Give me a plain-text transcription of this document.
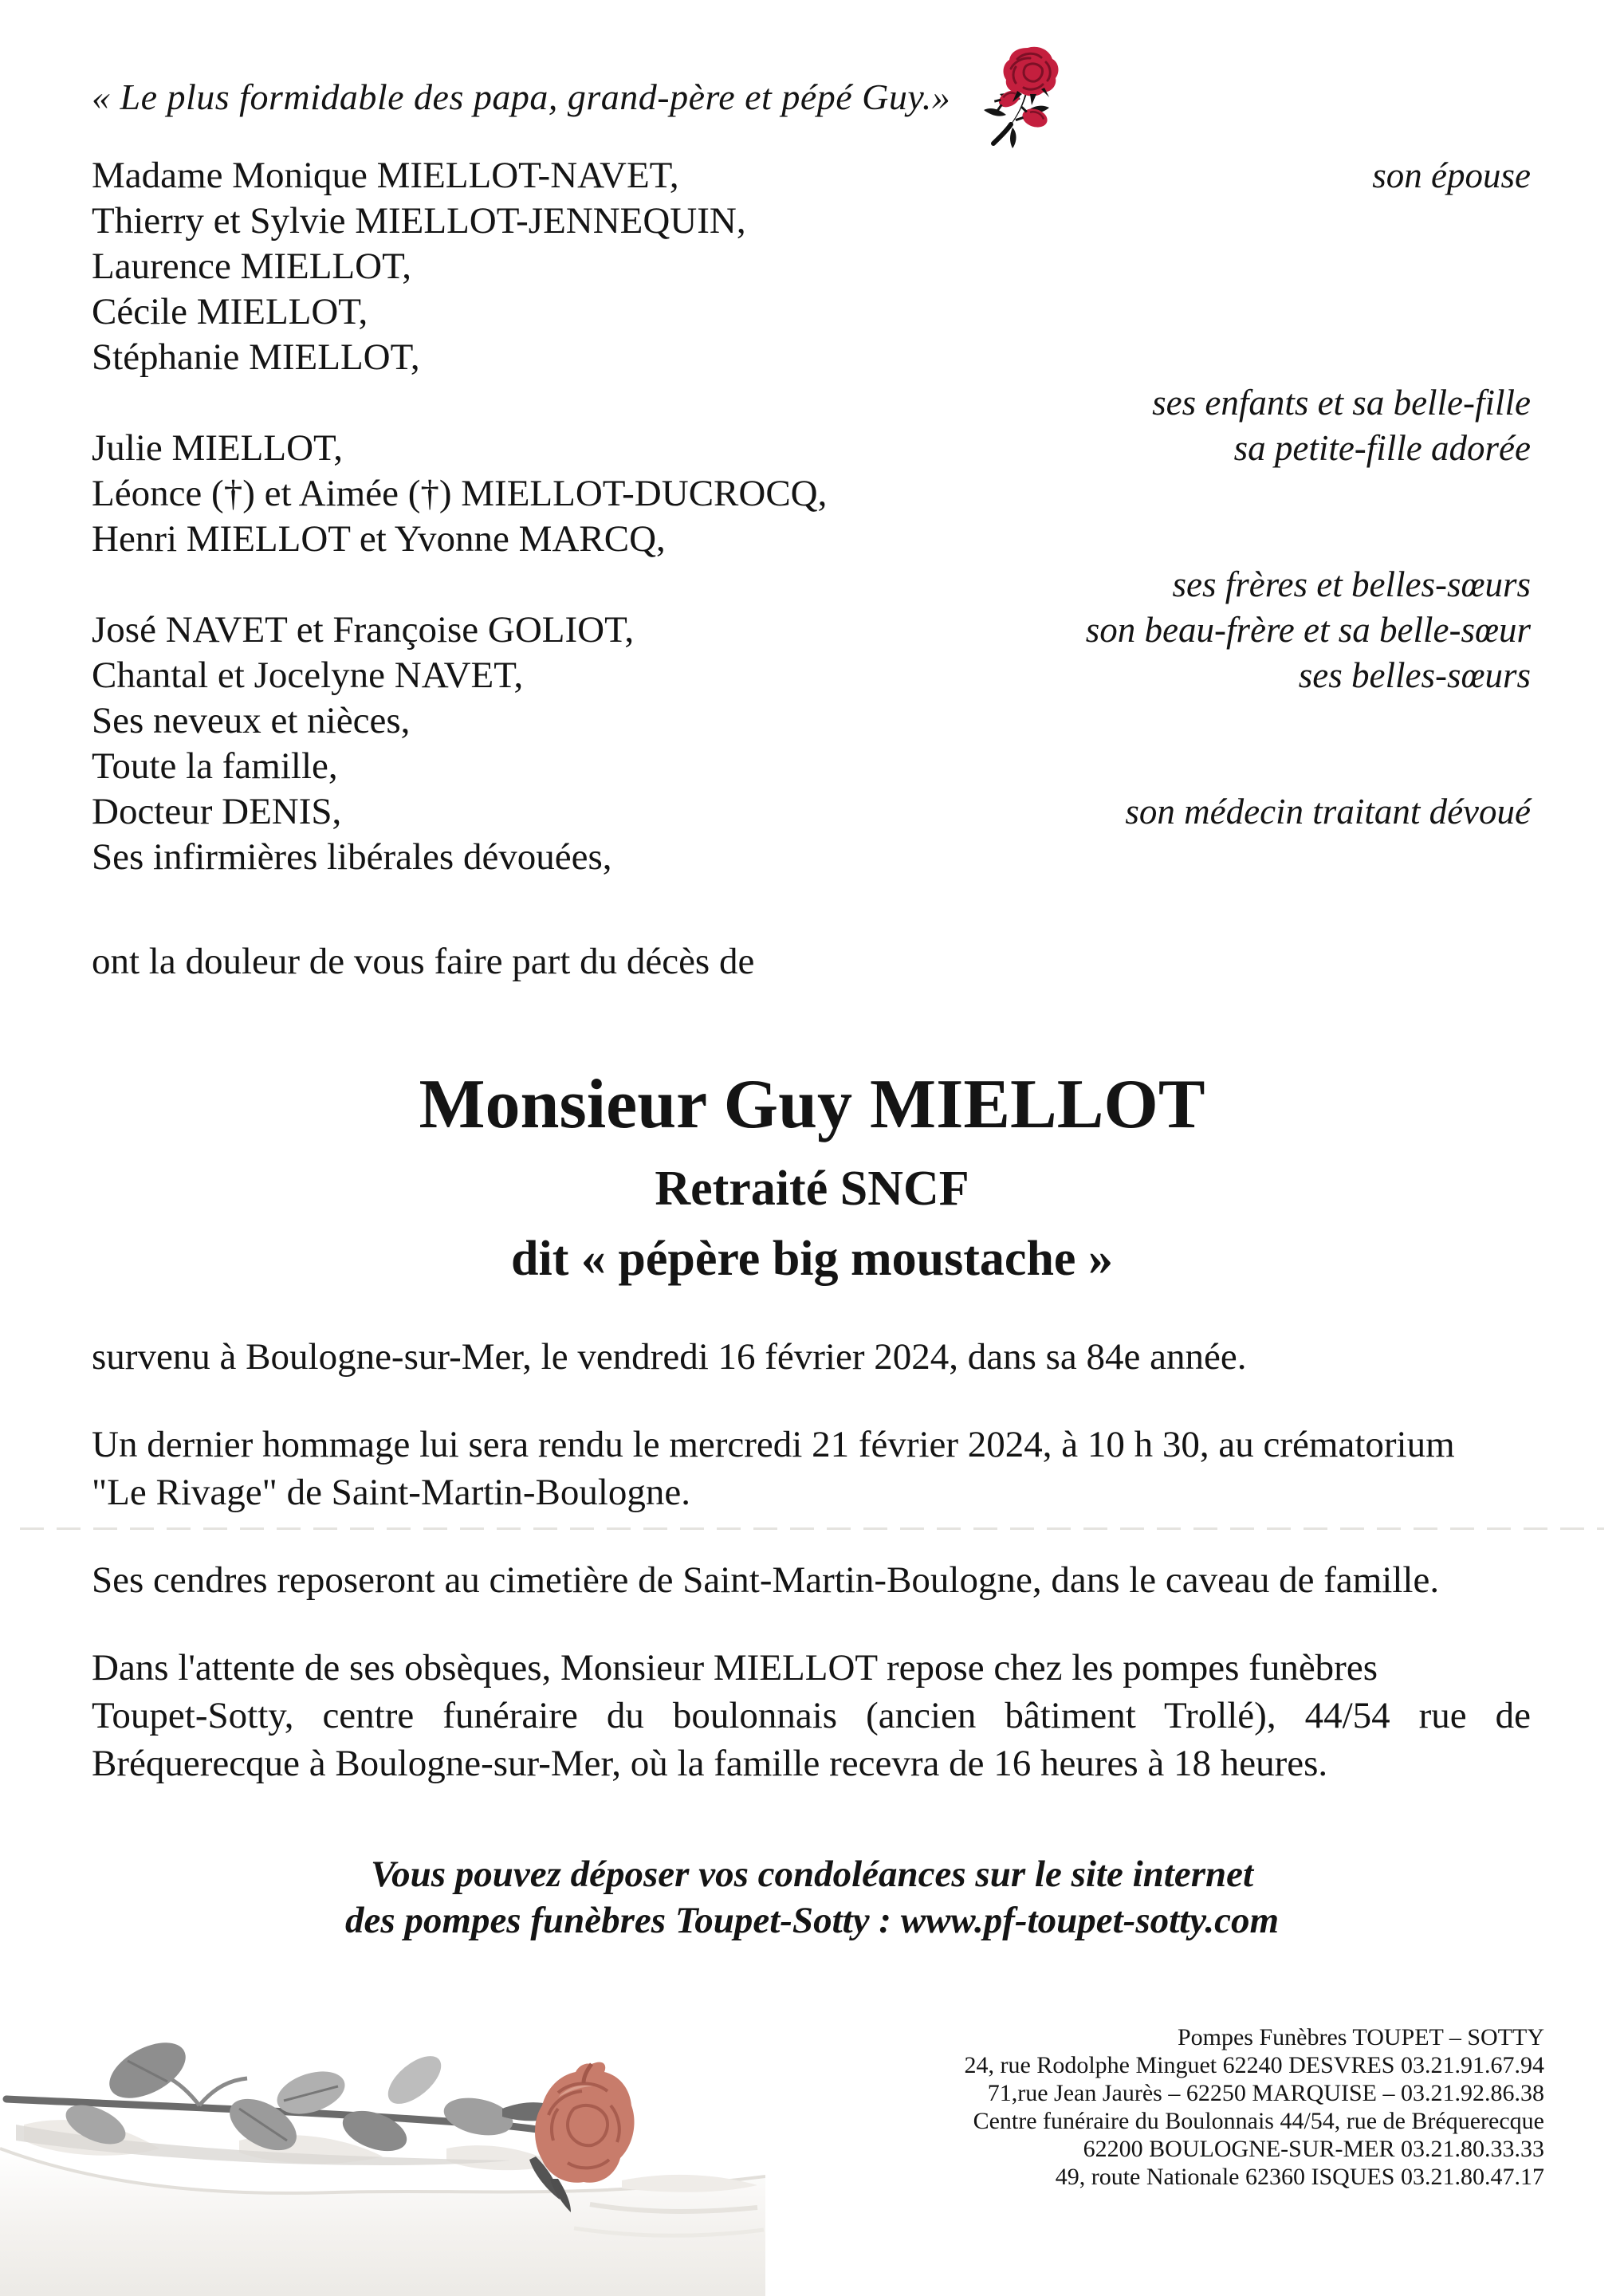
« Le plus formidable des papa, grand-père et pépé Guy.»
Madame Monique MIELLOT-NAVET,	son épouse
Thierry et Sylvie MIELLOT-JENNEQUIN,
Laurence MIELLOT,
Cécile MIELLOT,
Stéphanie MIELLOT,
ses enfants et sa belle-fille
Julie MIELLOT,	sa petite-fille adorée
Léonce (†) et Aimée (†) MIELLOT-DUCROCQ,
Henri MIELLOT et Yvonne MARCQ,
ses frères et belles-sœurs
José NAVET et Françoise GOLIOT,	son beau-frère et sa belle-sœur
Chantal et Jocelyne NAVET,	ses belles-sœurs
Ses neveux et nièces,
Toute la famille,
Docteur DENIS,	son médecin traitant dévoué
Ses infirmières libérales dévouées,
ont la douleur de vous faire part du décès de
Monsieur Guy MIELLOT
Retraité SNCF
dit « pépère big moustache »
survenu à Boulogne-sur-Mer, le vendredi 16 février 2024, dans sa 84e année.
Un dernier hommage lui sera rendu le mercredi 21 février 2024, à 10 h 30, au crématorium
"Le Rivage" de Saint-Martin-Boulogne.
Ses cendres reposeront au cimetière de Saint-Martin-Boulogne, dans le caveau de famille.
Dans l'attente de ses obsèques, Monsieur MIELLOT repose chez les pompes funèbres
Toupet-Sotty, centre funéraire du boulonnais (ancien bâtiment Trollé), 44/54 rue de
Bréquerecque à Boulogne-sur-Mer, où la famille recevra de 16 heures à 18 heures.
Vous pouvez déposer vos condoléances sur le site internet
des pompes funèbres Toupet-Sotty : www.pf-toupet-sotty.com
Pompes Funèbres TOUPET – SOTTY
24, rue Rodolphe Minguet 62240 DESVRES 03.21.91.67.94
71,rue Jean Jaurès – 62250 MARQUISE – 03.21.92.86.38
Centre funéraire du Boulonnais 44/54, rue de Bréquerecque
62200 BOULOGNE-SUR-MER 03.21.80.33.33
49, route Nationale 62360 ISQUES 03.21.80.47.17
